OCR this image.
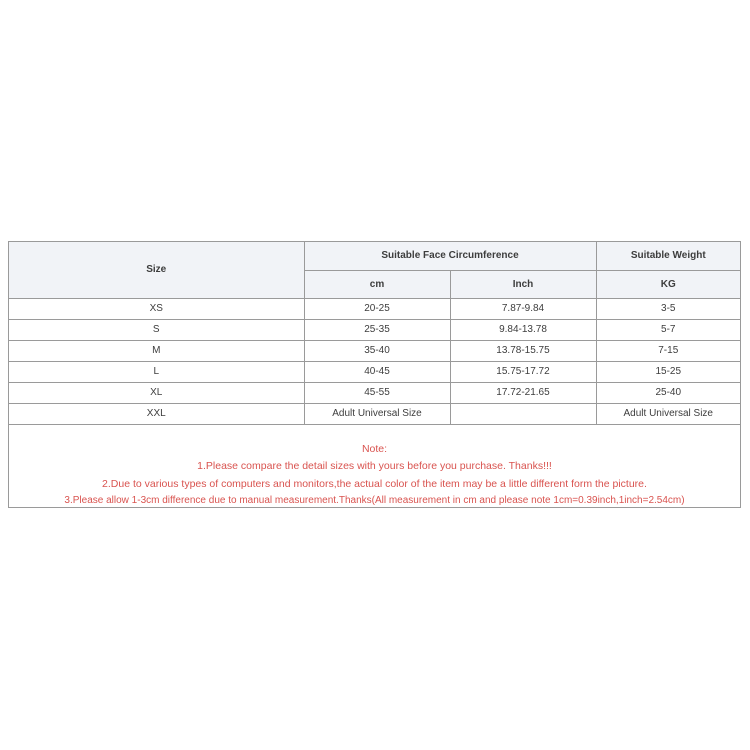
Size	Suitable Face Circumference		Suitable Weight
	cm	Inch	KG
XS	20-25	7.87-9.84	3-5
S	25-35	9.84-13.78	5-7
M	35-40	13.78-15.75	7-15
L	40-45	15.75-17.72	15-25
XL	45-55	17.72-21.65	25-40
XXL	Adult Universal Size		Adult Universal Size
Note:
1.Please compare the detail sizes with yours before you purchase. Thanks!!!
2.Due to various types of computers and monitors,the actual color of the item may be a little different form the picture.
3.Please allow 1-3cm difference due to manual measurement.Thanks(All measurement in cm and please note 1cm=0.39inch,1inch=2.54cm)
